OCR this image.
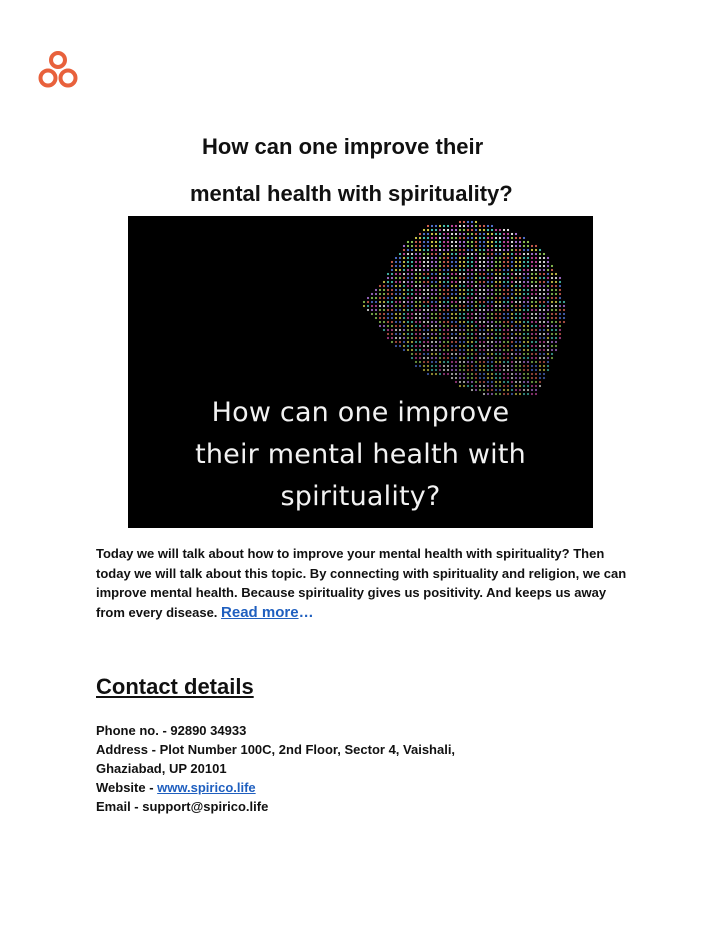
How can one improve their
mental health with spirituality?
How can one improve
their mental health with
spirituality?
Today we will talk about how to improve your mental health with spirituality? Then today we will talk about this topic. By connecting with spirituality and religion, we can improve mental health. Because spirituality gives us positivity. And keeps us away from every disease. Read more…
Contact details
Phone no. - 92890 34933
Address - Plot Number 100C, 2nd Floor, Sector 4, Vaishali,
Ghaziabad, UP 20101
Website - www.spirico.life
Email - support@spirico.life
